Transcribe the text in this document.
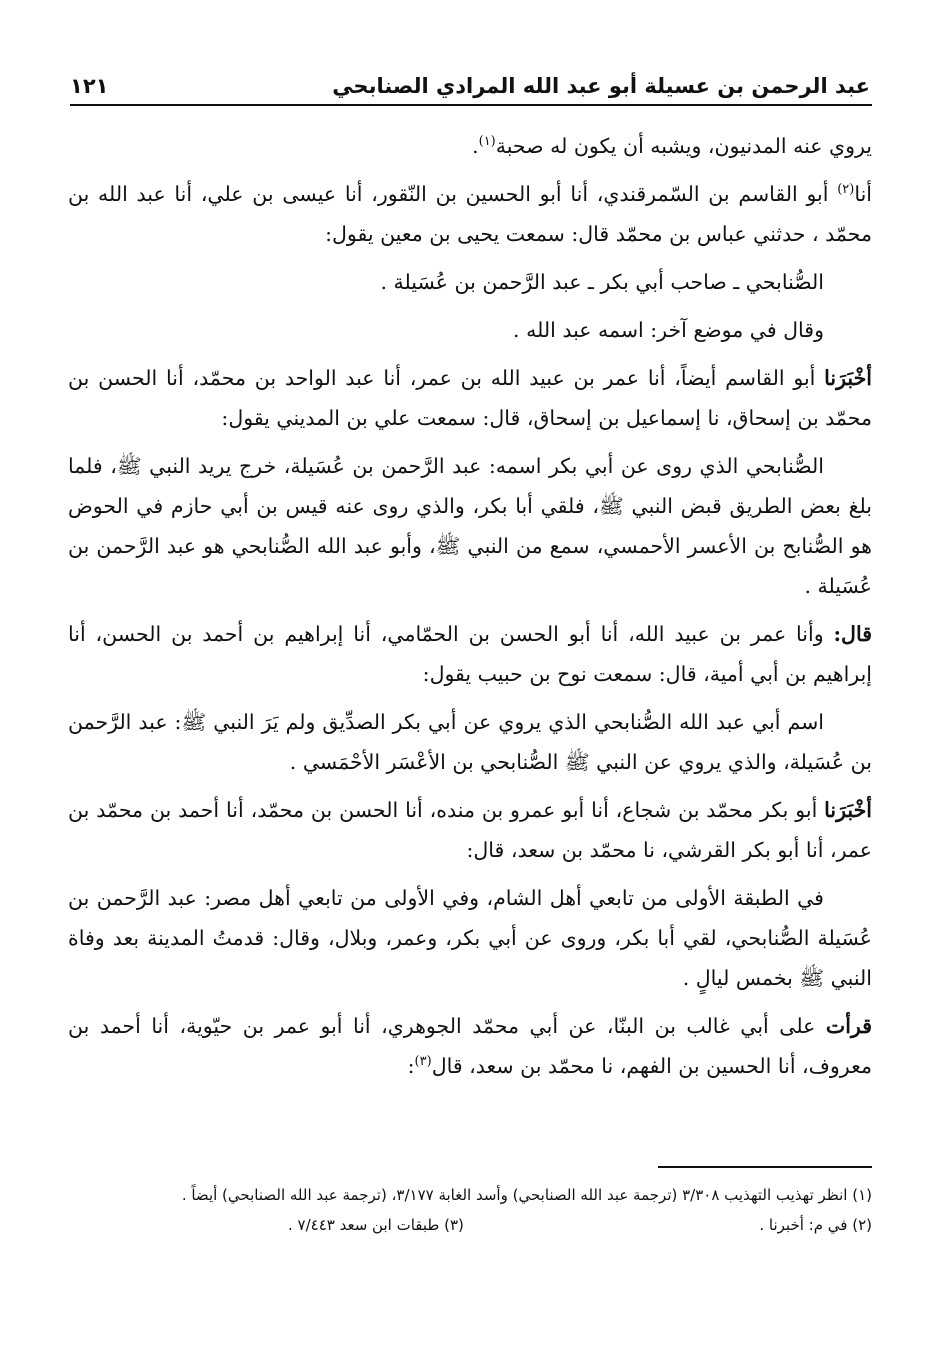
عبد الرحمن بن عسيلة أبو عبد الله المرادي الصنابحي
١٢١

يروي عنه المدنيون، ويشبه أن يكون له صحبة$^{(١)}$.

أنا$^{(٢)}$ أبو القاسم بن السّمرقندي، أنا أبو الحسين بن النّقور، أنا عيسى بن علي، أنا عبد الله بن محمّد ، حدثني عباس بن محمّد قال: سمعت يحيى بن معين يقول:

الصُّنابحي ـ صاحب أبي بكر ـ عبد الرَّحمن بن عُسَيلة .

وقال في موضع آخر: اسمه عبد الله .

أخْبَرَنا أبو القاسم أيضاً، أنا عمر بن عبيد الله بن عمر، أنا عبد الواحد بن محمّد، أنا الحسن بن محمّد بن إسحاق، نا إسماعيل بن إسحاق، قال: سمعت علي بن المديني يقول:

الصُّنابحي الذي روى عن أبي بكر اسمه: عبد الرَّحمن بن عُسَيلة، خرج يريد النبي ﷺ، فلما بلغ بعض الطريق قبض النبي ﷺ، فلقي أبا بكر، والذي روى عنه قيس بن أبي حازم في الحوض هو الصُّنابح بن الأعسر الأحمسي، سمع من النبي ﷺ، وأبو عبد الله الصُّنابحي هو عبد الرَّحمن بن عُسَيلة .

قال: وأنا عمر بن عبيد الله، أنا أبو الحسن بن الحمّامي، أنا إبراهيم بن أحمد بن الحسن، أنا إبراهيم بن أبي أمية، قال: سمعت نوح بن حبيب يقول:

اسم أبي عبد الله الصُّنابحي الذي يروي عن أبي بكر الصدِّيق ولم يَرَ النبي ﷺ: عبد الرَّحمن بن عُسَيلة، والذي يروي عن النبي ﷺ الصُّنابحي بن الأعْسَر الأحْمَسي .

أخْبَرَنا أبو بكر محمّد بن شجاع، أنا أبو عمرو بن منده، أنا الحسن بن محمّد، أنا أحمد بن محمّد بن عمر، أنا أبو بكر القرشي، نا محمّد بن سعد، قال:

في الطبقة الأولى من تابعي أهل الشام، وفي الأولى من تابعي أهل مصر: عبد الرَّحمن بن عُسَيلة الصُّنابحي، لقي أبا بكر، وروى عن أبي بكر، وعمر، وبلال، وقال: قدمتُ المدينة بعد وفاة النبي ﷺ بخمس ليالٍ .

قرأت على أبي غالب بن البنّا، عن أبي محمّد الجوهري، أنا أبو عمر بن حيّوية، أنا أحمد بن معروف، أنا الحسين بن الفهم، نا محمّد بن سعد، قال$^{(٣)}$:

(١) انظر تهذيب التهذيب ٣/٣٠٨ (ترجمة عبد الله الصنابحي) وأسد الغابة ٣/١٧٧، (ترجمة عبد الله الصنابحي) أيضاً .
(٢) في م: أخبرنا .
(٣) طبقات ابن سعد ٧/٤٤٣ .
